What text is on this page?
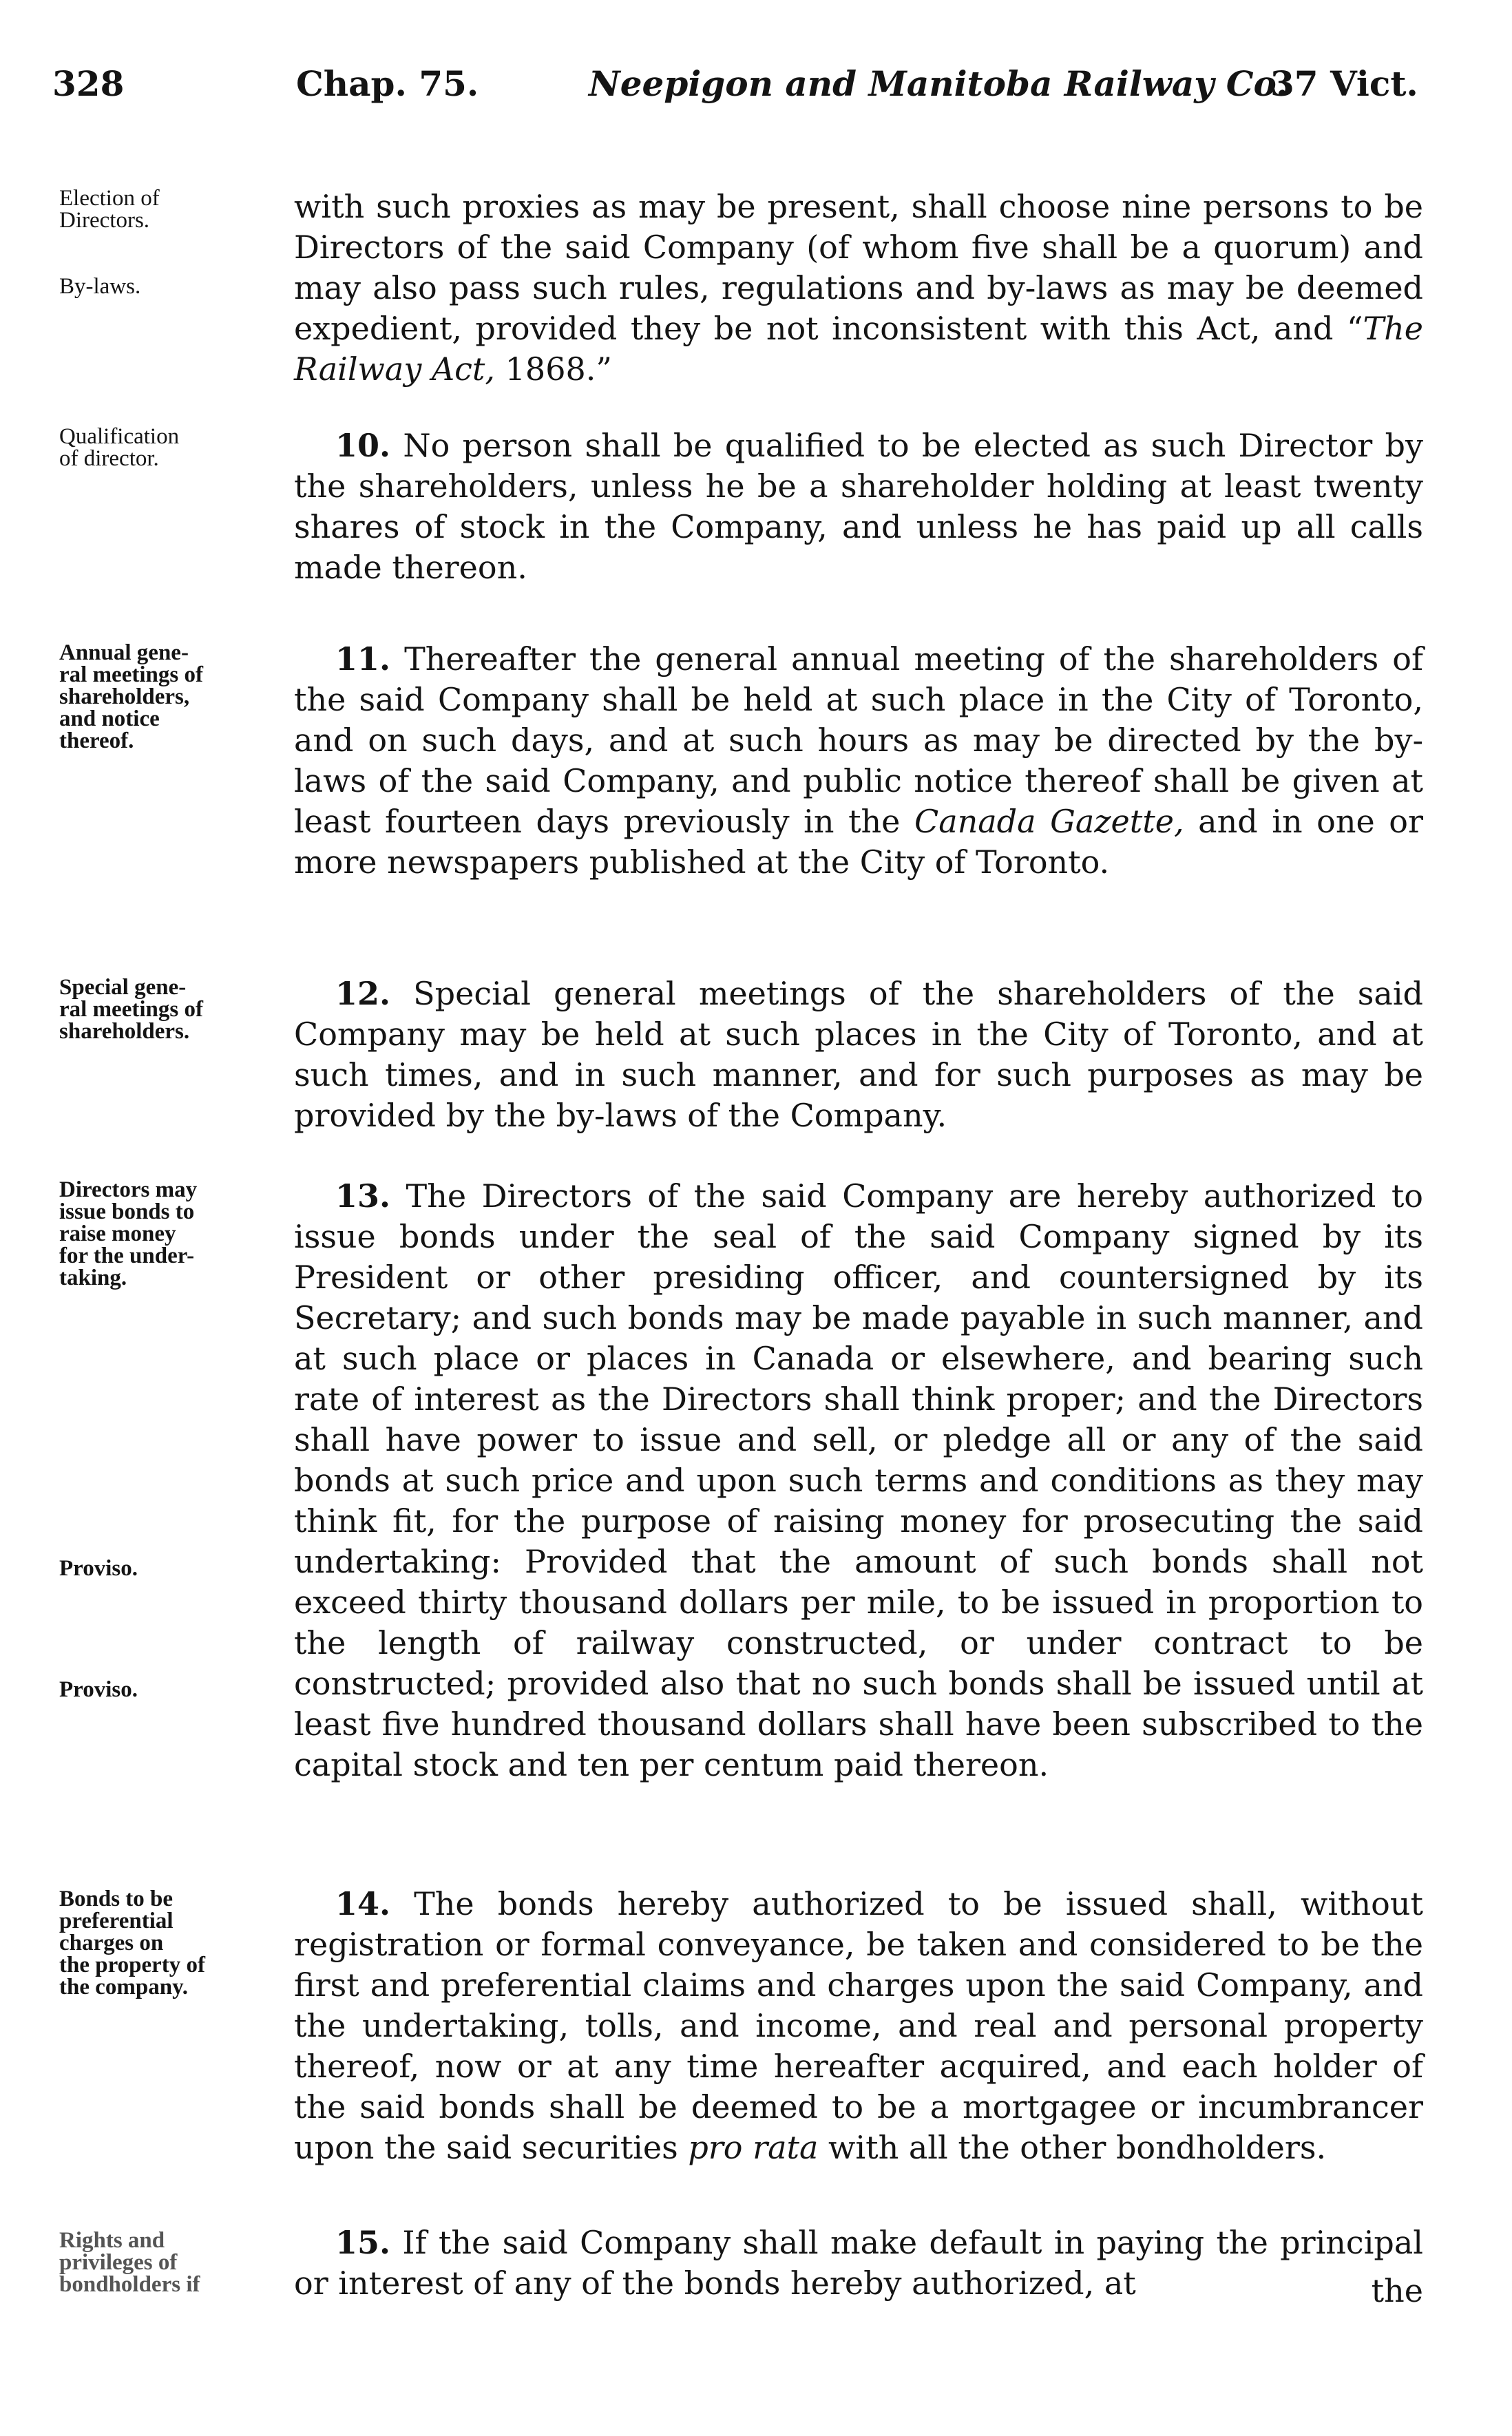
328	Chap. 75.	Neepigon and Manitoba Railway Co.
37 Vict.

Election of
Directors.

By-laws.

Qualification
of director.

Annual gene-
ral meetings of
shareholders,
and notice
thereof.

Special gene-
ral meetings of
shareholders.

Directors may
issue bonds to
raise money
for the under-
taking.

Proviso.

Proviso.

Bonds to be
preferential
charges on
the property of
the company.

Rights and
privileges of
bondholders if

with such proxies as may be present, shall choose nine persons to be Directors of the said Company (of whom five shall be a quorum) and may also pass such rules, regulations and by-laws as may be deemed expedient, provided they be not inconsistent with this Act, and “The Railway Act, 1868.”

10. No person shall be qualified to be elected as such Director by the shareholders, unless he be a shareholder holding at least twenty shares of stock in the Company, and unless he has paid up all calls made thereon.

11. Thereafter the general annual meeting of the shareholders of the said Company shall be held at such place in the City of Toronto, and on such days, and at such hours as may be directed by the by-laws of the said Company, and public notice thereof shall be given at least fourteen days previously in the Canada Gazette, and in one or more newspapers published at the City of Toronto.

12. Special general meetings of the shareholders of the said Company may be held at such places in the City of Toronto, and at such times, and in such manner, and for such purposes as may be provided by the by-laws of the Company.

13. The Directors of the said Company are hereby authorized to issue bonds under the seal of the said Company signed by its President or other presiding officer, and countersigned by its Secretary; and such bonds may be made payable in such manner, and at such place or places in Canada or elsewhere, and bearing such rate of interest as the Directors shall think proper; and the Directors shall have power to issue and sell, or pledge all or any of the said bonds at such price and upon such terms and conditions as they may think fit, for the purpose of raising money for prosecuting the said undertaking: Provided that the amount of such bonds shall not exceed thirty thousand dollars per mile, to be issued in proportion to the length of railway constructed, or under contract to be constructed; provided also that no such bonds shall be issued until at least five hundred thousand dollars shall have been subscribed to the capital stock and ten per centum paid thereon.

14. The bonds hereby authorized to be issued shall, without registration or formal conveyance, be taken and considered to be the first and preferential claims and charges upon the said Company, and the undertaking, tolls, and income, and real and personal property thereof, now or at any time hereafter acquired, and each holder of the said bonds shall be deemed to be a mortgagee or incumbrancer upon the said securities pro rata with all the other bondholders.

15. If the said Company shall make default in paying the principal or interest of any of the bonds hereby authorized, at	the
